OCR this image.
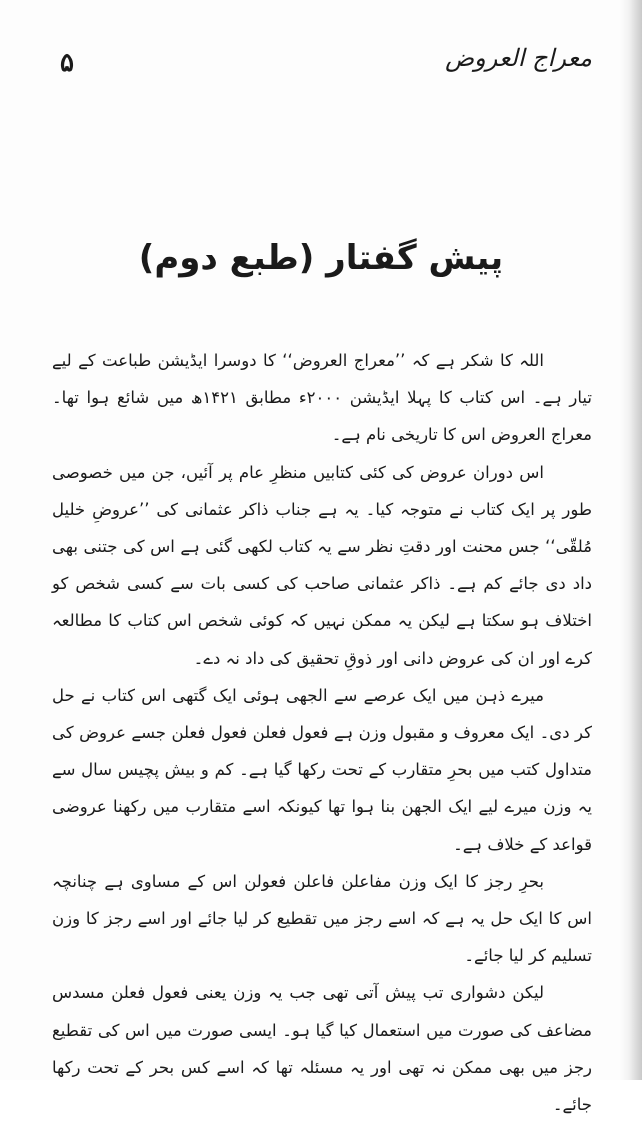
۵	معراج العروض
پیش گفتار (طبع دوم)

اللہ کا شکر ہے کہ ’’معراج العروض‘‘ کا دوسرا ایڈیشن طباعت کے لیے تیار ہے۔ اس کتاب کا پہلا ایڈیشن ۲۰۰۰ء مطابق ۱۴۲۱ھ میں شائع ہوا تھا۔ معراج العروض اس کا تاریخی نام ہے۔

اس دوران عروض کی کئی کتابیں منظرِ عام پر آئیں، جن میں خصوصی طور پر ایک کتاب نے متوجہ کیا۔ یہ ہے جناب ذاکر عثمانی کی ’’عروضِ خلیل مُلقّی‘‘ جس محنت اور دقتِ نظر سے یہ کتاب لکھی گئی ہے اس کی جتنی بھی داد دی جائے کم ہے۔ ذاکر عثمانی صاحب کی کسی بات سے کسی شخص کو اختلاف ہو سکتا ہے لیکن یہ ممکن نہیں کہ کوئی شخص اس کتاب کا مطالعہ کرے اور ان کی عروض دانی اور ذوقِ تحقیق کی داد نہ دے۔

میرے ذہن میں ایک عرصے سے الجھی ہوئی ایک گتھی اس کتاب نے حل کر دی۔ ایک معروف و مقبول وزن ہے فعول فعلن فعول فعلن جسے عروض کی متداول کتب میں بحرِ متقارب کے تحت رکھا گیا ہے۔ کم و بیش پچیس سال سے یہ وزن میرے لیے ایک الجھن بنا ہوا تھا کیونکہ اسے متقارب میں رکھنا عروضی قواعد کے خلاف ہے۔

بحرِ رجز کا ایک وزن مفاعلن فاعلن فعولن اس کے مساوی ہے چنانچہ اس کا ایک حل یہ ہے کہ اسے رجز میں تقطیع کر لیا جائے اور اسے رجز کا وزن تسلیم کر لیا جائے۔

لیکن دشواری تب پیش آتی تھی جب یہ وزن یعنی فعول فعلن مسدس مضاعف کی صورت میں استعمال کیا گیا ہو۔ ایسی صورت میں اس کی تقطیع رجز میں بھی ممکن نہ تھی اور یہ مسئلہ تھا کہ اسے کس بحر کے تحت رکھا جائے۔
